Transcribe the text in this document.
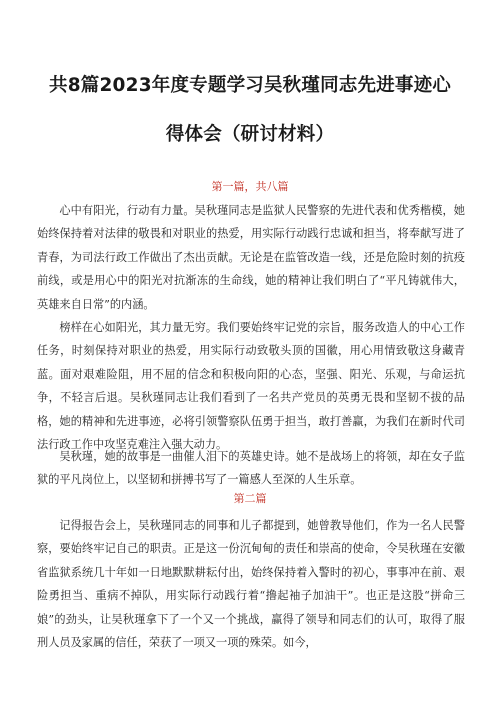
共8篇2023年度专题学习吴秋瑾同志先进事迹心
得体会（研讨材料）
第一篇，共八篇

心中有阳光，行动有力量。吴秋瑾同志是监狱人民警察的先进代表和优秀楷模，她始终保持着对法律的敬畏和对职业的热爱，用实际行动践行忠诚和担当，将奉献写进了青春，为司法行政工作做出了杰出贡献。无论是在监管改造一线，还是危险时刻的抗疫前线，或是用心中的阳光对抗渐冻的生命线，她的精神让我们明白了“平凡铸就伟大，英雄来自日常”的内涵。

榜样在心如阳光，其力量无穷。我们要始终牢记党的宗旨，服务改造人的中心工作任务，时刻保持对职业的热爱，用实际行动致敬头顶的国徽，用心用情致敬这身藏青蓝。面对艰难险阻，用不屈的信念和积极向阳的心态，坚强、阳光、乐观，与命运抗争，不轻言后退。吴秋瑾同志让我们看到了一名共产党员的英勇无畏和坚韧不拔的品格，她的精神和先进事迹，必将引领警察队伍勇于担当，敢打善赢，为我们在新时代司法行政工作中攻坚克难注入强大动力。

吴秋瑾，她的故事是一曲催人泪下的英雄史诗。她不是战场上的将领，却在女子监狱的平凡岗位上，以坚韧和拼搏书写了一篇感人至深的人生乐章。

第二篇

记得报告会上，吴秋瑾同志的同事和儿子都提到，她曾教导他们，作为一名人民警察，要始终牢记自己的职责。正是这一份沉甸甸的责任和崇高的使命，令吴秋瑾在安徽省监狱系统几十年如一日地默默耕耘付出，始终保持着入警时的初心，事事冲在前、艰险勇担当、重病不掉队，用实际行动践行着“撸起袖子加油干”。也正是这股“拼命三娘”的劲头，让吴秋瑾拿下了一个又一个挑战，赢得了领导和同志们的认可，取得了服刑人员及家属的信任，荣获了一项又一项的殊荣。如今，
